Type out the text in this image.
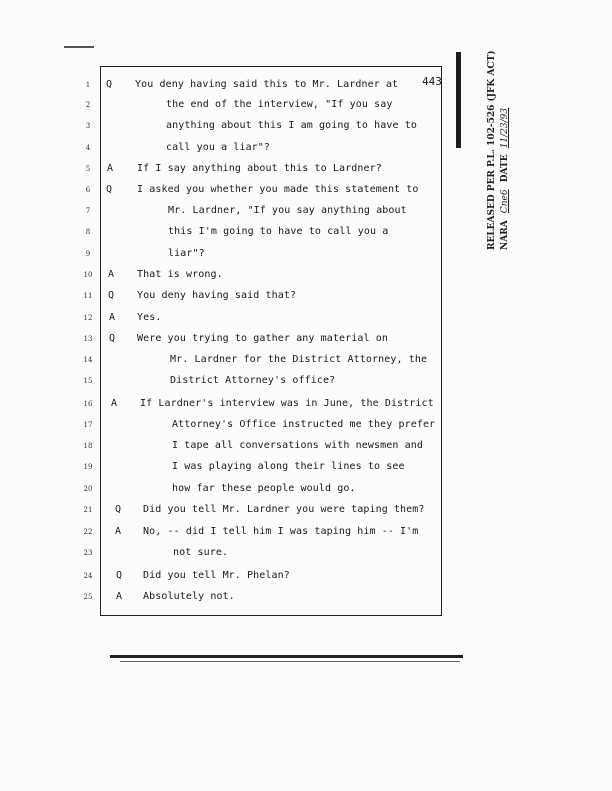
443
1	Q You deny having said this to Mr. Lardner at
2	the end of the interview, "If you say
3	anything about this I am going to have to
4	call you a liar"?
5	A If I say anything about this to Lardner?
6	Q I asked you whether you made this statement to
7	Mr. Lardner, "If you say anything about
8	this I'm going to have to call you a
9	liar"?
10	A That is wrong.
11	Q You deny having said that?
12	A Yes.
13	Q Were you trying to gather any material on
14	Mr. Lardner for the District Attorney, the
15	District Attorney's office?
16	A If Lardner's interview was in June, the District
17	Attorney's Office instructed me they prefer
18	I tape all conversations with newsmen and
19	I was playing along their lines to see
20	how far these people would go.
21	Q Did you tell Mr. Lardner you were taping them?
22	A No, -- did I tell him I was taping him -- I'm
23	not sure.
24	Q Did you tell Mr. Phelan?
25	A Absolutely not.
RELEASED PER P.L. 102-526 (JFK ACT) NARA Cne6 DATE 11/23/93
